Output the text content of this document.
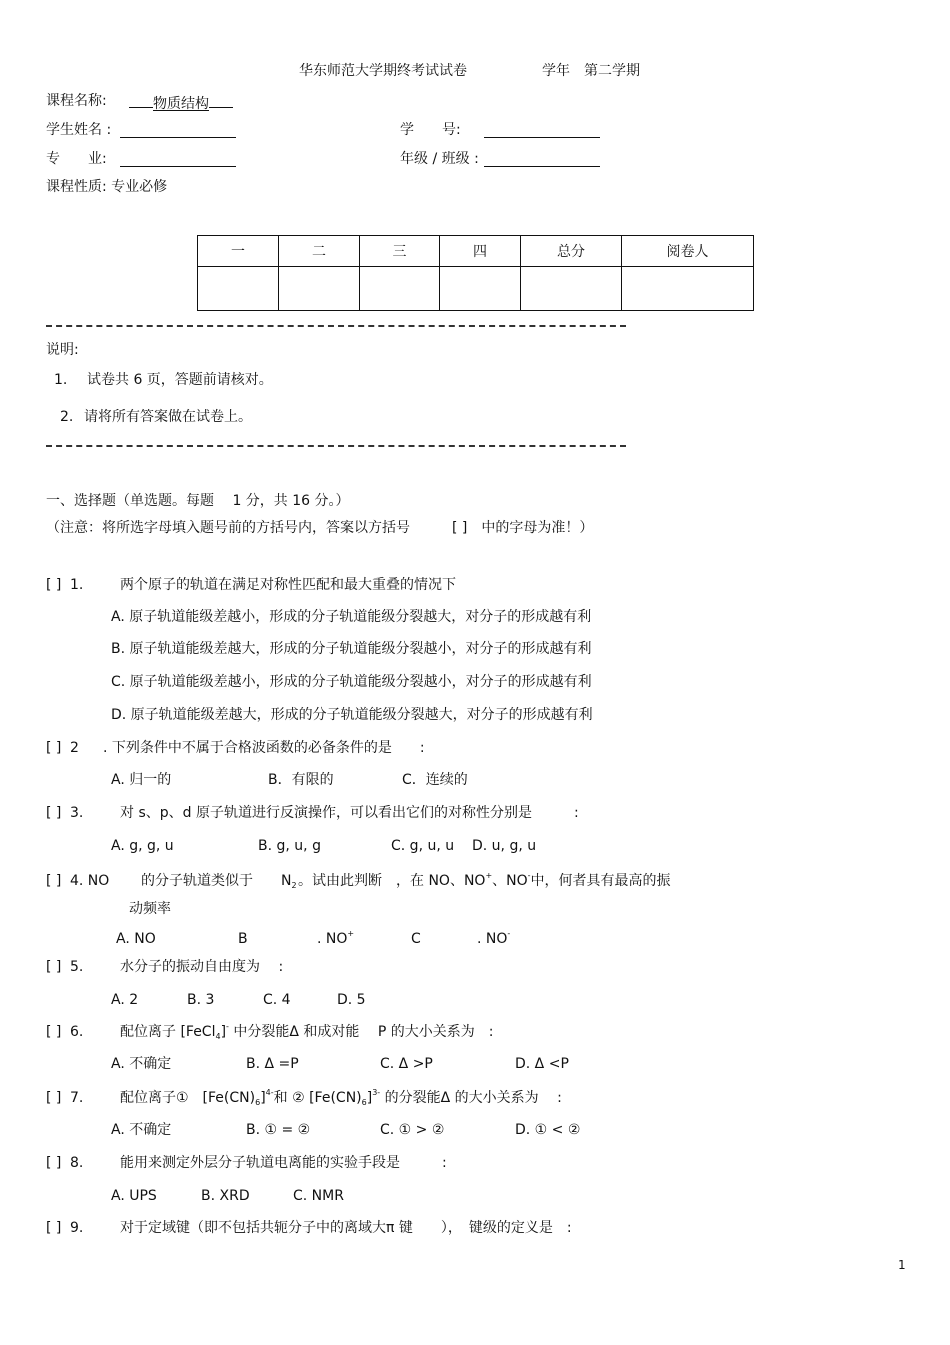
华东师范大学期终考试试卷	学年 第二学期
课程名称:	物质结构
学生姓名 :	学　　号:
专　　业:	年级 / 班级 :
课程性质: 专业必修
一	二	三	四	总分	阅卷人

说明:
1. 试卷共 6 页，答题前请核对。
2. 请将所有答案做在试卷上。
一、选择题（单选题。每题　 1 分，共 16 分。）
（注意：将所选字母填入题号前的方括号内，答案以方括号　　　[ ]　中的字母为准！）
[ ] 1.	两个原子的轨道在满足对称性匹配和最大重叠的情况下
A. 原子轨道能级差越小，形成的分子轨道能级分裂越大，对分子的形成越有利
B. 原子轨道能级差越大，形成的分子轨道能级分裂越小，对分子的形成越有利
C. 原子轨道能级差越小，形成的分子轨道能级分裂越小，对分子的形成越有利
D. 原子轨道能级差越大，形成的分子轨道能级分裂越大，对分子的形成越有利
[ ] 2 . 下列条件中不属于合格波函数的必备条件的是　　:
A. 归一的	B．有限的	C．连续的
[ ] 3.	对 s、p、d 原子轨道进行反演操作，可以看出它们的对称性分别是　　　:
A. g, g, u	B. g, u, g	C. g, u, u D. u, g, u
[ ] 4. NO 的分子轨道类似于 $N_2$ 。试由此判断　，在 NO、NO+、NO-中，何者具有最高的振
动频率
A. NO	B	. NO+	C	. NO-
[ ] 5.	水分子的振动自由度为　 :
A. 2	B. 3	C. 4	D. 5
[ ] 6.	配位离子 [FeCl$_4$]- 中分裂能Δ 和成对能　 P 的大小关系为　:
A. 不确定	B. Δ =P	C. Δ >P	D. Δ <P
[ ] 7.	配位离子①　$[Fe(CN)_6]^{4-}$和 ② $[Fe(CN)_6]^{3-}$ 的分裂能Δ 的大小关系为　 :
A. 不确定	B. ① = ②	C. ① > ②	D. ① < ②
[ ] 8.	能用来测定外层分子轨道电离能的实验手段是　　　:
A. UPS	B. XRD	C. NMR
[ ] 9.	对于定域键（即不包括共轭分子中的离域大π 键　　），　键级的定义是　:
1
